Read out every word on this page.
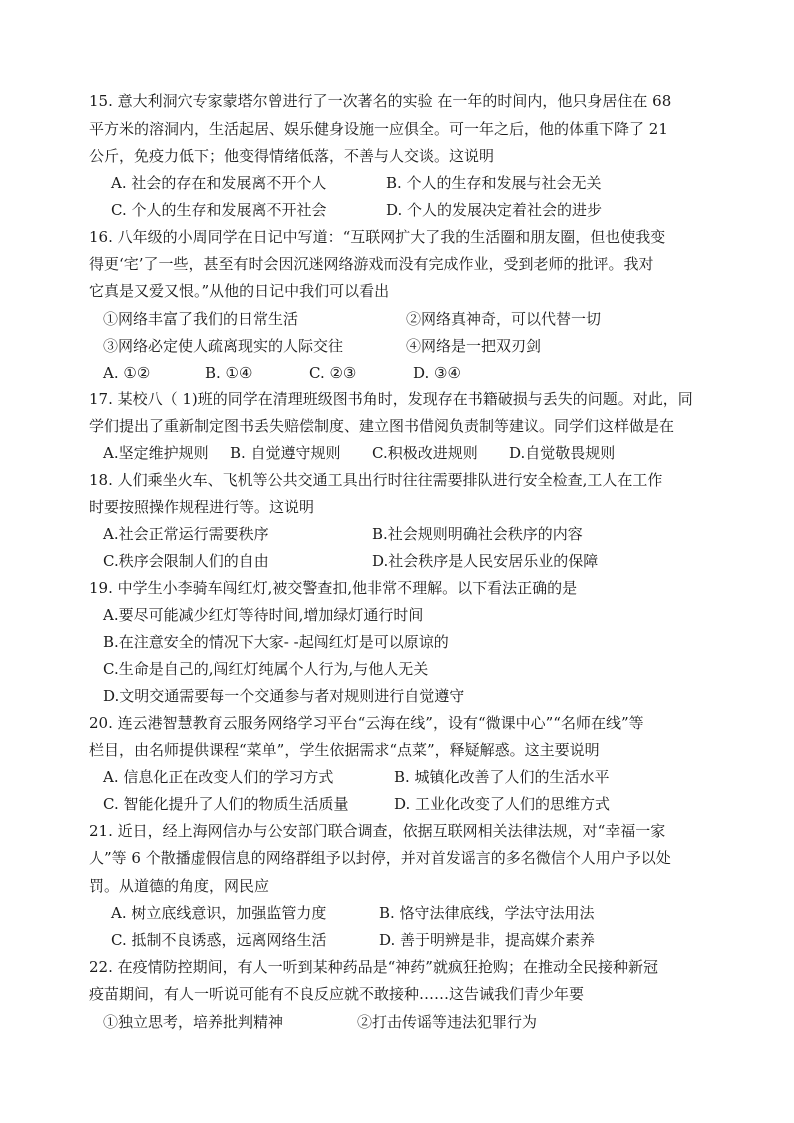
15. 意大利洞穴专家蒙塔尔曾进行了一次著名的实验 在一年的时间内，他只身居住在 68
平方米的溶洞内，生活起居、娱乐健身设施一应俱全。可一年之后，他的体重下降了 21
公斤，免疫力低下；他变得情绪低落，不善与人交谈。这说明
A. 社会的存在和发展离不开个人	B. 个人的生存和发展与社会无关
C. 个人的生存和发展离不开社会	D. 个人的发展决定着社会的进步
16. 八年级的小周同学在日记中写道：“互联网扩大了我的生活圈和朋友圈，但也使我变
得更‘宅’了一些，甚至有时会因沉迷网络游戏而没有完成作业，受到老师的批评。我对
它真是又爱又恨。”从他的日记中我们可以看出
①网络丰富了我们的日常生活	②网络真神奇，可以代替一切
③网络必定使人疏离现实的人际交往	④网络是一把双刃剑
A. ①②	B. ①④	C. ②③	D. ③④
17. 某校八（ 1)班的同学在清理班级图书角时，发现存在书籍破损与丢失的问题。对此，同
学们提出了重新制定图书丢失赔偿制度、建立图书借阅负责制等建议。同学们这样做是在
A.坚定维护规则 B. 自觉遵守规则 C.积极改进规则 D.自觉敬畏规则
18. 人们乘坐火车、飞机等公共交通工具出行时往往需要排队进行安全检查,工人在工作
时要按照操作规程进行等。这说明
A.社会正常运行需要秩序	B.社会规则明确社会秩序的内容
C.秩序会限制人们的自由	D.社会秩序是人民安居乐业的保障
19. 中学生小李骑车闯红灯,被交警查扣,他非常不理解。以下看法正确的是
A.要尽可能减少红灯等待时间,增加绿灯通行时间
B.在注意安全的情况下大家- -起闯红灯是可以原谅的
C.生命是自己的,闯红灯纯属个人行为,与他人无关
D.文明交通需要每一个交通参与者对规则进行自觉遵守
20. 连云港智慧教育云服务网络学习平台“云海在线”，设有“微课中心”“名师在线”等
栏目，由名师提供课程“菜单”，学生依据需求“点菜”，释疑解惑。这主要说明
A. 信息化正在改变人们的学习方式	B. 城镇化改善了人们的生活水平
C. 智能化提升了人们的物质生活质量	D. 工业化改变了人们的思维方式
21. 近日，经上海网信办与公安部门联合调查，依据互联网相关法律法规，对“幸福一家
人”等 6 个散播虚假信息的网络群组予以封停，并对首发谣言的多名微信个人用户予以处
罚。从道德的角度，网民应
A. 树立底线意识，加强监管力度	B. 恪守法律底线，学法守法用法
C. 抵制不良诱惑，远离网络生活	D. 善于明辨是非，提高媒介素养
22. 在疫情防控期间，有人一听到某种药品是“神药”就疯狂抢购；在推动全民接种新冠
疫苗期间，有人一听说可能有不良反应就不敢接种……这告诫我们青少年要
①独立思考，培养批判精神	②打击传谣等违法犯罪行为
